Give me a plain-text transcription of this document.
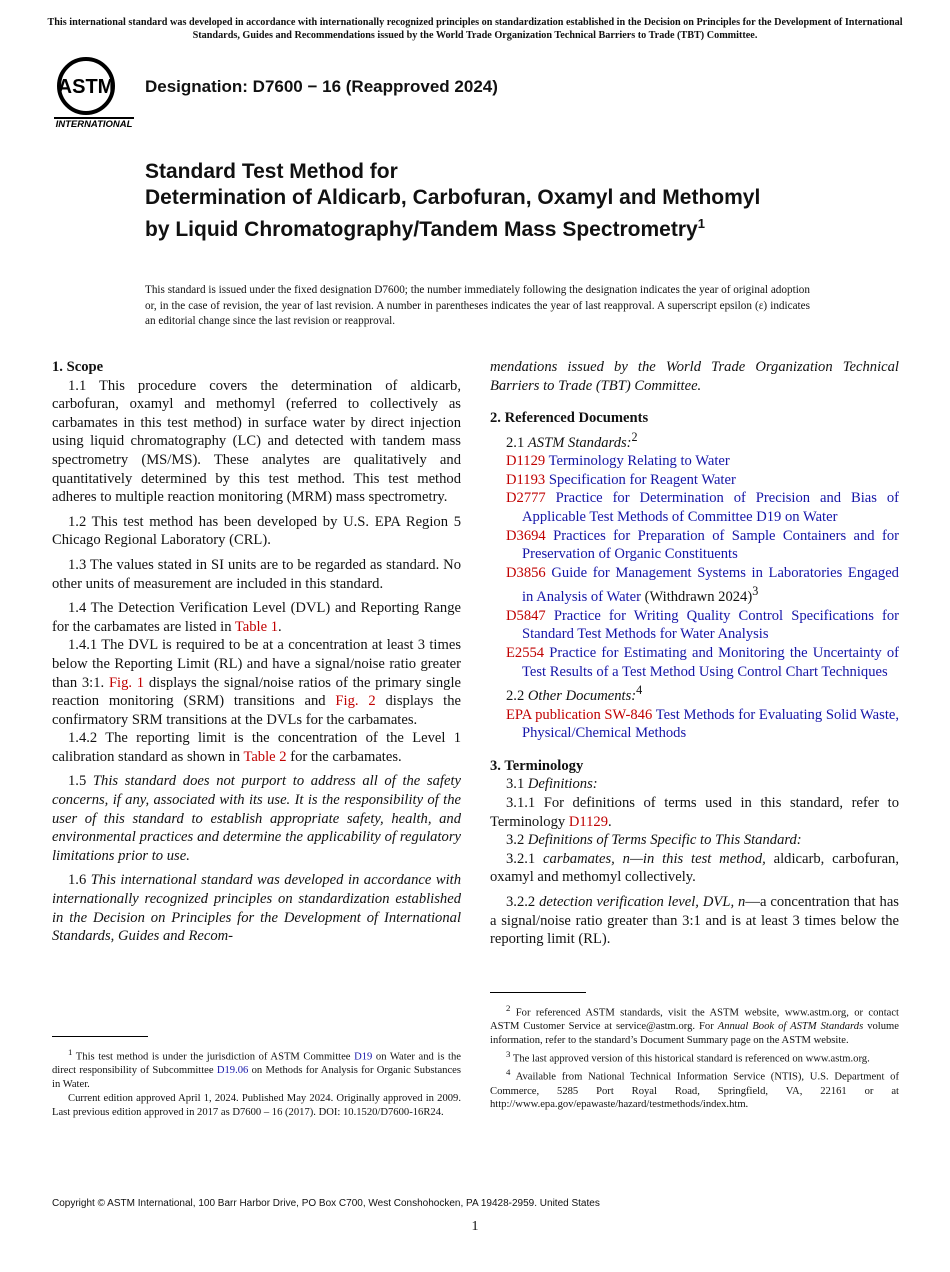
This international standard was developed in accordance with internationally recognized principles on standardization established in the Decision on Principles for the Development of International Standards, Guides and Recommendations issued by the World Trade Organization Technical Barriers to Trade (TBT) Committee.
ASTM
INTERNATIONAL
Designation: D7600 − 16 (Reapproved 2024)
Standard Test Method for
Determination of Aldicarb, Carbofuran, Oxamyl and Methomyl by Liquid Chromatography/Tandem Mass Spectrometry$^1$
This standard is issued under the fixed designation D7600; the number immediately following the designation indicates the year of original adoption or, in the case of revision, the year of last revision. A number in parentheses indicates the year of last reapproval. A superscript epsilon (ε) indicates an editorial change since the last revision or reapproval.

1. Scope

1.1 This procedure covers the determination of aldicarb, carbofuran, oxamyl and methomyl (referred to collectively as carbamates in this test method) in surface water by direct injection using liquid chromatography (LC) and detected with tandem mass spectrometry (MS/MS). These analytes are qualitatively and quantitatively determined by this test method. This test method adheres to multiple reaction monitoring (MRM) mass spectrometry.

1.2 This test method has been developed by U.S. EPA Region 5 Chicago Regional Laboratory (CRL).

1.3 The values stated in SI units are to be regarded as standard. No other units of measurement are included in this standard.

1.4 The Detection Verification Level (DVL) and Reporting Range for the carbamates are listed in Table 1.

1.4.1 The DVL is required to be at a concentration at least 3 times below the Reporting Limit (RL) and have a signal/noise ratio greater than 3:1. Fig. 1 displays the signal/noise ratios of the primary single reaction monitoring (SRM) transitions and Fig. 2 displays the confirmatory SRM transitions at the DVLs for the carbamates.

1.4.2 The reporting limit is the concentration of the Level 1 calibration standard as shown in Table 2 for the carbamates.

1.5 This standard does not purport to address all of the safety concerns, if any, associated with its use. It is the responsibility of the user of this standard to establish appropriate safety, health, and environmental practices and determine the applicability of regulatory limitations prior to use.

1.6 This international standard was developed in accordance with internationally recognized principles on standardization established in the Decision on Principles for the Development of International Standards, Guides and Recom-

$^1$ This test method is under the jurisdiction of ASTM Committee D19 on Water and is the direct responsibility of Subcommittee D19.06 on Methods for Analysis for Organic Substances in Water.

Current edition approved April 1, 2024. Published May 2024. Originally approved in 2009. Last previous edition approved in 2017 as D7600 – 16 (2017). DOI: 10.1520/D7600-16R24.

mendations issued by the World Trade Organization Technical Barriers to Trade (TBT) Committee.

2. Referenced Documents

2.1 ASTM Standards:$^2$

D1129 Terminology Relating to Water

D1193 Specification for Reagent Water

D2777 Practice for Determination of Precision and Bias of Applicable Test Methods of Committee D19 on Water

D3694 Practices for Preparation of Sample Containers and for Preservation of Organic Constituents

D3856 Guide for Management Systems in Laboratories Engaged in Analysis of Water (Withdrawn 2024)$^3$

D5847 Practice for Writing Quality Control Specifications for Standard Test Methods for Water Analysis

E2554 Practice for Estimating and Monitoring the Uncertainty of Test Results of a Test Method Using Control Chart Techniques

2.2 Other Documents:$^4$

EPA publication SW-846 Test Methods for Evaluating Solid Waste, Physical/Chemical Methods

3. Terminology

3.1 Definitions:

3.1.1 For definitions of terms used in this standard, refer to Terminology D1129.

3.2 Definitions of Terms Specific to This Standard:

3.2.1 carbamates, n—in this test method, aldicarb, carbofuran, oxamyl and methomyl collectively.

3.2.2 detection verification level, DVL, n—a concentration that has a signal/noise ratio greater than 3:1 and is at least 3 times below the reporting limit (RL).

$^2$ For referenced ASTM standards, visit the ASTM website, www.astm.org, or contact ASTM Customer Service at service@astm.org. For Annual Book of ASTM Standards volume information, refer to the standard’s Document Summary page on the ASTM website.

$^3$ The last approved version of this historical standard is referenced on www.astm.org.

$^4$ Available from National Technical Information Service (NTIS), U.S. Department of Commerce, 5285 Port Royal Road, Springfield, VA, 22161 or at http://www.epa.gov/epawaste/hazard/testmethods/index.htm.

Copyright © ASTM International, 100 Barr Harbor Drive, PO Box C700, West Conshohocken, PA 19428-2959. United States
1
